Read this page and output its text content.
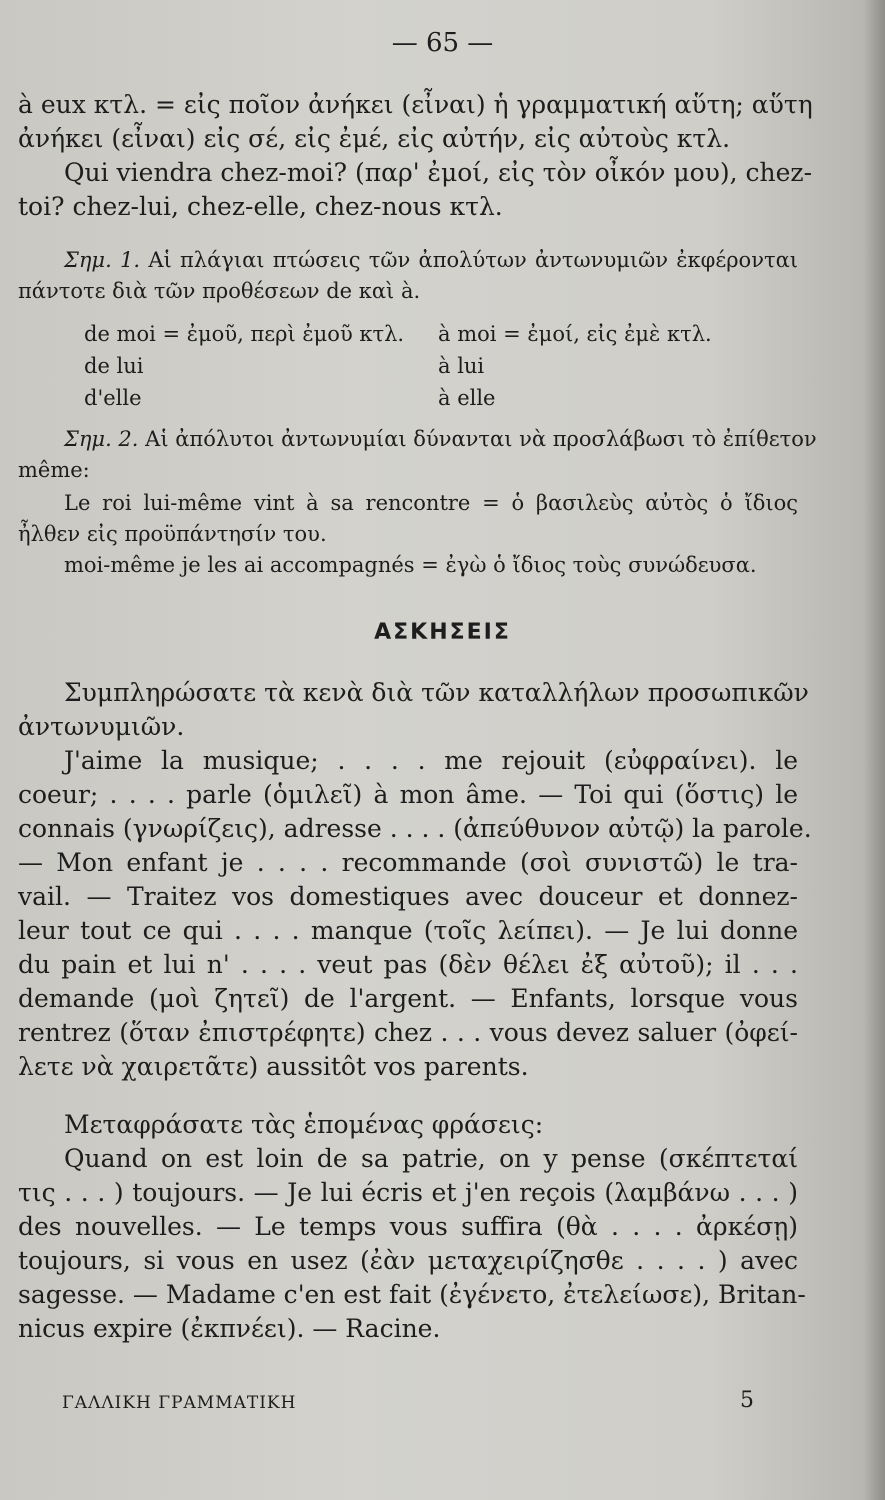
— 65 —
à eux κτλ. = εἰς ποῖον ἀνήκει (εἶναι) ἡ γραμματική αὕτη; αὕτη
ἀνήκει (εἶναι) εἰς σέ, εἰς ἐμέ, εἰς αὐτήν, εἰς αὐτοὺς κτλ.
Qui viendra chez-moi? (παρ' ἐμοί, εἰς τὸν οἶκόν μου), chez-
toi? chez-lui, chez-elle, chez-nous κτλ.
Σημ. 1. Αἱ πλάγιαι πτώσεις τῶν ἀπολύτων ἀντωνυμιῶν ἐκφέρονται
πάντοτε διὰ τῶν προθέσεων de καὶ à.
de moi = ἐμοῦ, περὶ ἐμοῦ κτλ.	à moi = ἐμοί, εἰς ἐμὲ κτλ.
de lui	à lui
d'elle	à elle
Σημ. 2. Αἱ ἀπόλυτοι ἀντωνυμίαι δύνανται νὰ προσλάβωσι τὸ ἐπίθετον
même:
Le roi lui-même vint à sa rencontre = ὁ βασιλεὺς αὐτὸς ὁ ἴδιος
ἦλθεν εἰς προϋπάντησίν του.
moi-même je les ai accompagnés = ἐγὼ ὁ ἴδιος τοὺς συνώδευσα.
ΑΣΚΗΣΕΙΣ
Συμπληρώσατε τὰ κενὰ διὰ τῶν καταλλήλων προσωπικῶν
ἀντωνυμιῶν.
J'aime la musique; . . . . me rejouit (εὐφραίνει). le
coeur; . . . . parle (ὁμιλεῖ) à mon âme. — Toi qui (ὅστις) le
connais (γνωρίζεις), adresse . . . . (ἀπεύθυνον αὐτῷ) la parole.
— Mon enfant je . . . . recommande (σοὶ συνιστῶ) le tra-
vail. — Traitez vos domestiques avec douceur et donnez-
leur tout ce qui . . . . manque (τοῖς λείπει). — Je lui donne
du pain et lui n' . . . . veut pas (δὲν θέλει ἐξ αὐτοῦ); il . . .
demande (μοὶ ζητεῖ) de l'argent. — Enfants, lorsque vous
rentrez (ὅταν ἐπιστρέφητε) chez . . . vous devez saluer (ὀφεί-
λετε νὰ χαιρετᾶτε) aussitôt vos parents.
Μεταφράσατε τὰς ἑπομένας φράσεις:
Quand on est loin de sa patrie, on y pense (σκέπτεταί
τις . . . ) toujours. — Je lui écris et j'en reçois (λαμβάνω . . . )
des nouvelles. — Le temps vous suffira (θὰ . . . . ἀρκέσῃ)
toujours, si vous en usez (ἐὰν μεταχειρίζησθε . . . . ) avec
sagesse. — Madame c'en est fait (ἐγένετο, ἐτελείωσε), Britan-
nicus expire (ἐκπνέει). — Racine.
ΓΑΛΛΙΚΗ ΓΡΑΜΜΑΤΙΚΗ	5
